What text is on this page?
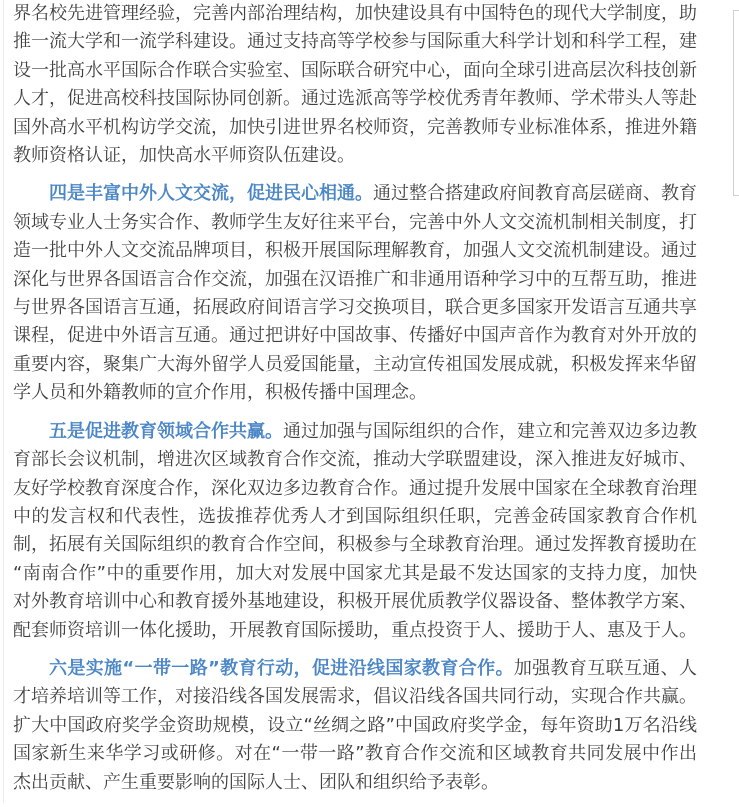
界名校先进管理经验，完善内部治理结构，加快建设具有中国特色的现代大学制度，助推一流大学和一流学科建设。通过支持高等学校参与国际重大科学计划和科学工程，建设一批高水平国际合作联合实验室、国际联合研究中心，面向全球引进高层次科技创新人才，促进高校科技国际协同创新。通过选派高等学校优秀青年教师、学术带头人等赴国外高水平机构访学交流，加快引进世界名校师资，完善教师专业标准体系，推进外籍教师资格认证，加快高水平师资队伍建设。

四是丰富中外人文交流，促进民心相通。通过整合搭建政府间教育高层磋商、教育领域专业人士务实合作、教师学生友好往来平台，完善中外人文交流机制相关制度，打造一批中外人文交流品牌项目，积极开展国际理解教育，加强人文交流机制建设。通过深化与世界各国语言合作交流，加强在汉语推广和非通用语种学习中的互帮互助，推进与世界各国语言互通，拓展政府间语言学习交换项目，联合更多国家开发语言互通共享课程，促进中外语言互通。通过把讲好中国故事、传播好中国声音作为教育对外开放的重要内容，聚集广大海外留学人员爱国能量，主动宣传祖国发展成就，积极发挥来华留学人员和外籍教师的宣介作用，积极传播中国理念。

五是促进教育领域合作共赢。通过加强与国际组织的合作，建立和完善双边多边教育部长会议机制，增进次区域教育合作交流，推动大学联盟建设，深入推进友好城市、友好学校教育深度合作，深化双边多边教育合作。通过提升发展中国家在全球教育治理中的发言权和代表性，选拔推荐优秀人才到国际组织任职，完善金砖国家教育合作机制，拓展有关国际组织的教育合作空间，积极参与全球教育治理。通过发挥教育援助在“南南合作”中的重要作用，加大对发展中国家尤其是最不发达国家的支持力度，加快对外教育培训中心和教育援外基地建设，积极开展优质教学仪器设备、整体教学方案、配套师资培训一体化援助，开展教育国际援助，重点投资于人、援助于人、惠及于人。

六是实施“一带一路”教育行动，促进沿线国家教育合作。加强教育互联互通、人才培养培训等工作，对接沿线各国发展需求，倡议沿线各国共同行动，实现合作共赢。扩大中国政府奖学金资助规模，设立“丝绸之路”中国政府奖学金，每年资助1万名沿线国家新生来华学习或研修。对在“一带一路”教育合作交流和区域教育共同发展中作出杰出贡献、产生重要影响的国际人士、团队和组织给予表彰。
